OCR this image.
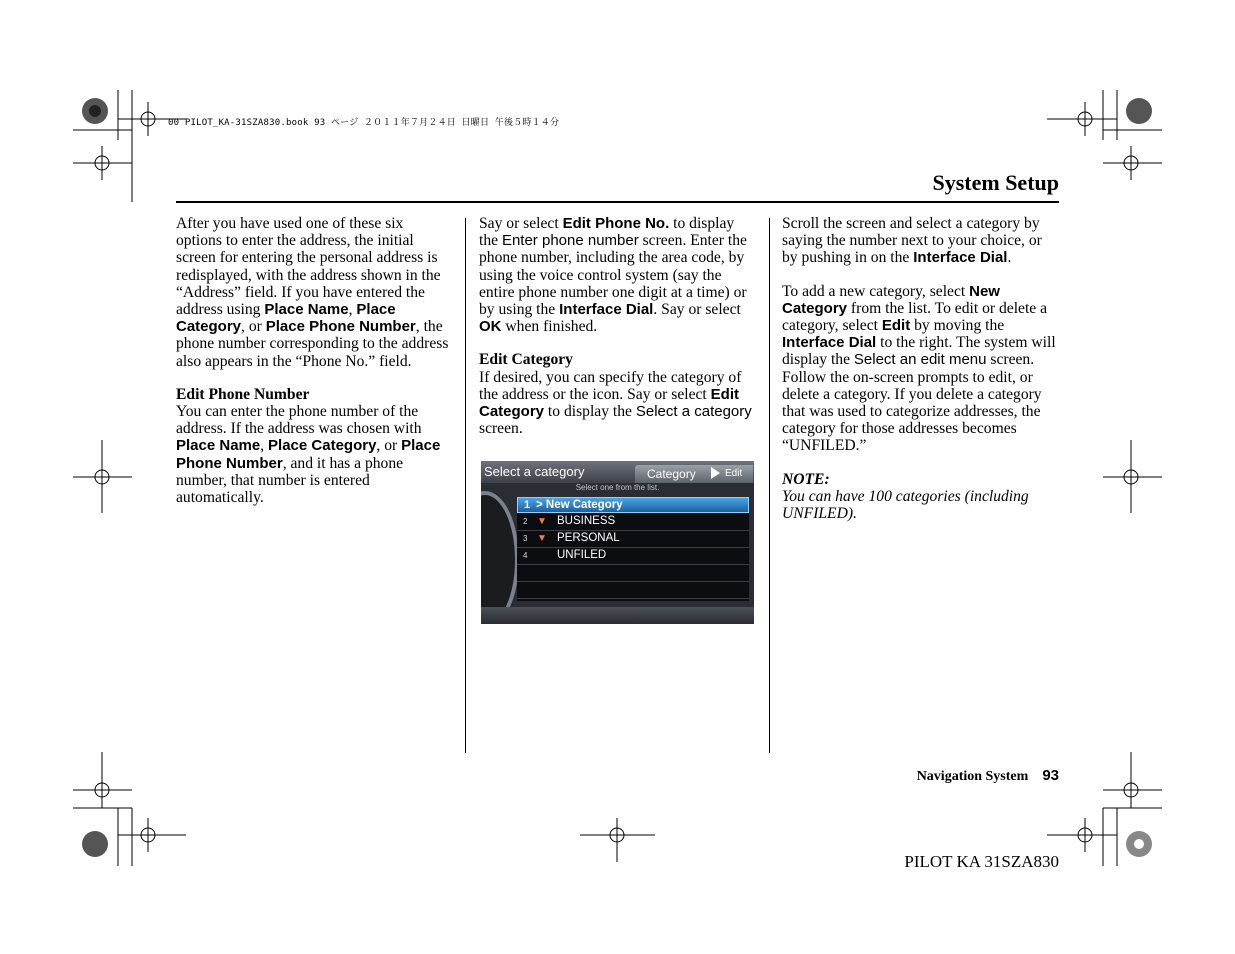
00 PILOT_KA-31SZA830.book 93 ページ ２０１１年７月２４日 日曜日 午後５時１４分
System Setup

After you have used one of these six options to enter the address, the initial screen for entering the personal address is redisplayed, with the address shown in the “Address” field. If you have entered the address using Place Name, Place Category, or Place Phone Number, the phone number corresponding to the address also appears in the “Phone No.” field.

Edit Phone Number

You can enter the phone number of the address. If the address was chosen with Place Name, Place Category, or Place Phone Number, and it has a phone number, that number is entered automatically.

Say or select Edit Phone No. to display the Enter phone number screen. Enter the phone number, including the area code, by using the voice control system (say the entire phone number one digit at a time) or by using the Interface Dial. Say or select OK when finished.

Edit Category

If desired, you can specify the category of the address or the icon. Say or select Edit Category to display the Select a category screen.

Select a category	Category	Edit
Select one from the list.
1 > New Category
2 ▼ BUSINESS
3 ▼ PERSONAL
4	UNFILED

Scroll the screen and select a category by saying the number next to your choice, or by pushing in on the Interface Dial.

To add a new category, select New Category from the list. To edit or delete a category, select Edit by moving the Interface Dial to the right. The system will display the Select an edit menu screen. Follow the on-screen prompts to edit, or delete a category. If you delete a category that was used to categorize addresses, the category for those addresses becomes “UNFILED.”

NOTE:

You can have 100 categories (including UNFILED).

Navigation System 93
PILOT KA 31SZA830
